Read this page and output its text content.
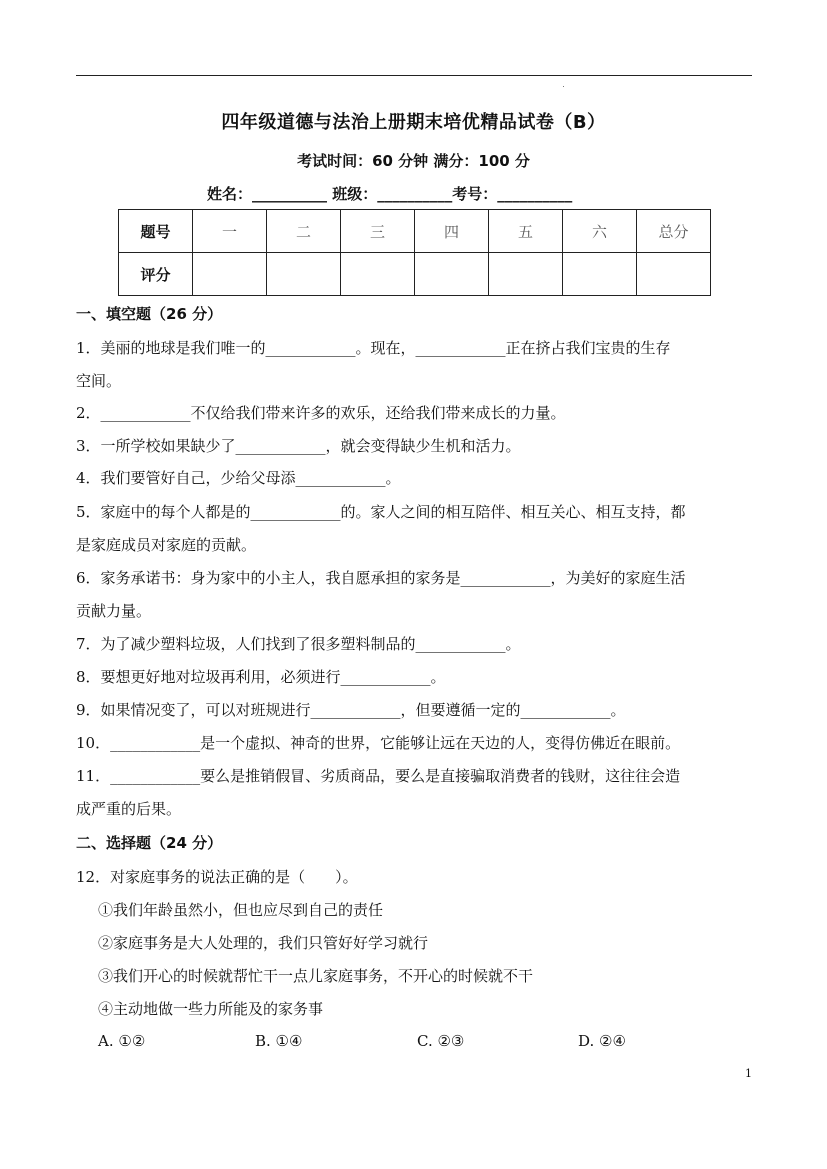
四年级道德与法治上册期末培优精品试卷（B）
考试时间：60 分钟 满分：100 分
姓名：__________ 班级：__________考号：__________
题号	一	二	三	四	五	六	总分
评分							
一、填空题（26 分）
1．美丽的地球是我们唯一的____________。现在，____________正在挤占我们宝贵的生存
空间。
2．____________不仅给我们带来许多的欢乐，还给我们带来成长的力量。
3．一所学校如果缺少了____________，就会变得缺少生机和活力。
4．我们要管好自己，少给父母添____________。
5．家庭中的每个人都是的____________的。家人之间的相互陪伴、相互关心、相互支持，都
是家庭成员对家庭的贡献。
6．家务承诺书：身为家中的小主人，我自愿承担的家务是____________，为美好的家庭生活
贡献力量。
7．为了减少塑料垃圾，人们找到了很多塑料制品的____________。
8．要想更好地对垃圾再利用，必须进行____________。
9．如果情况变了，可以对班规进行____________，但要遵循一定的____________。
10．____________是一个虚拟、神奇的世界，它能够让远在天边的人，变得仿佛近在眼前。
11．____________要么是推销假冒、劣质商品，要么是直接骗取消费者的钱财，这往往会造
成严重的后果。
二、选择题（24 分）
12．对家庭事务的说法正确的是（　　）。
①我们年龄虽然小，但也应尽到自己的责任
②家庭事务是大人处理的，我们只管好好学习就行
③我们开心的时候就帮忙干一点儿家庭事务，不开心的时候就不干
④主动地做一些力所能及的家务事
A. ①②	B. ①④	C. ②③	D. ②④
1
